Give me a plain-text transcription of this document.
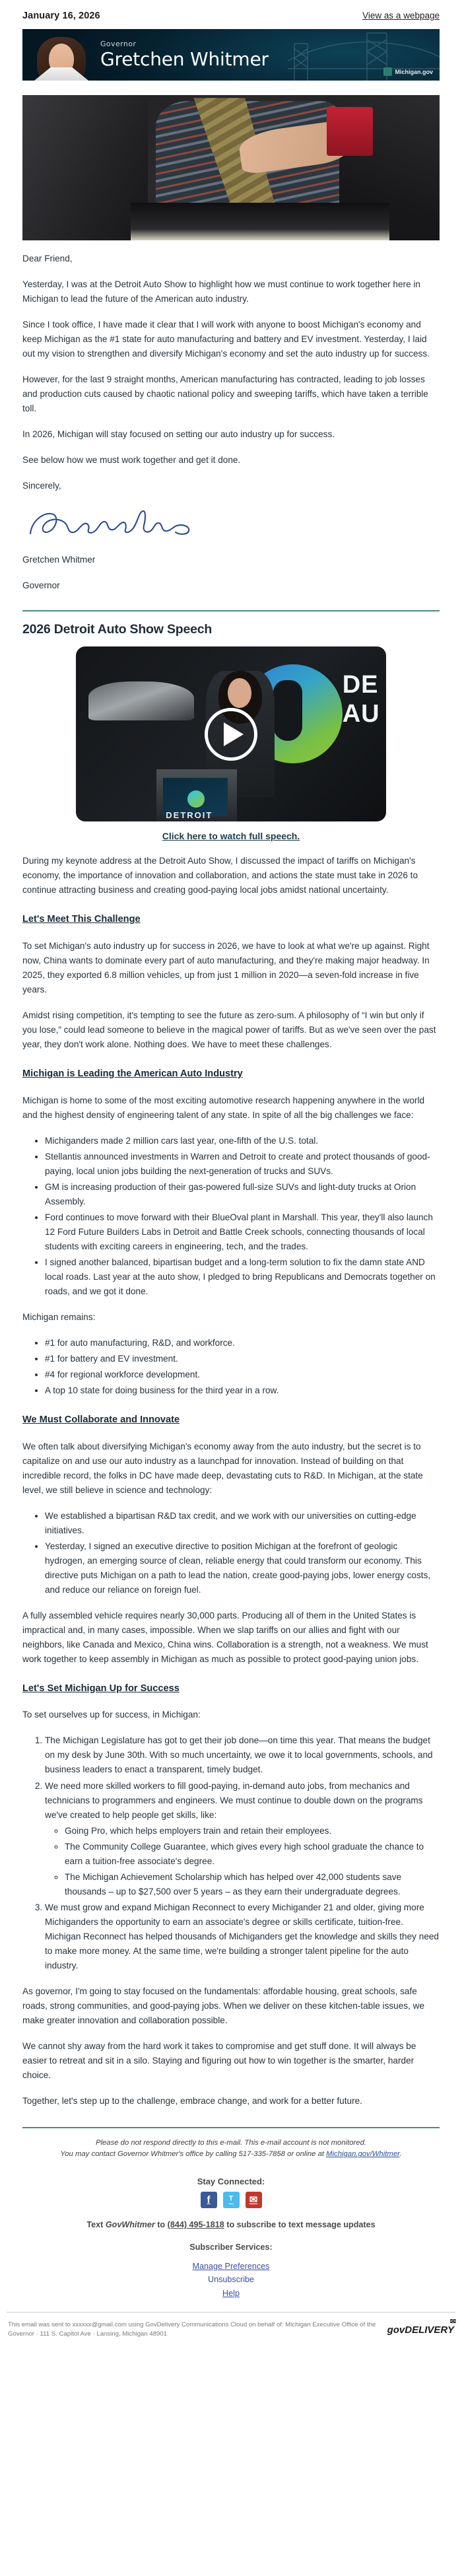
January 16, 2026	View as a webpage
Governor
Gretchen Whitmer
Michigan.gov

Dear Friend,

Yesterday, I was at the Detroit Auto Show to highlight how we must continue to work together here in Michigan to lead the future of the American auto industry.

Since I took office, I have made it clear that I will work with anyone to boost Michigan's economy and keep Michigan as the #1 state for auto manufacturing and battery and EV investment. Yesterday, I laid out my vision to strengthen and diversify Michigan's economy and set the auto industry up for success.

However, for the last 9 straight months, American manufacturing has contracted, leading to job losses and production cuts caused by chaotic national policy and sweeping tariffs, which have taken a terrible toll.

In 2026, Michigan will stay focused on setting our auto industry up for success.

See below how we must work together and get it done.

Sincerely,

Gretchen Whitmer

Governor

2026 Detroit Auto Show Speech
DE
AU
DETROIT
Click here to watch full speech.

During my keynote address at the Detroit Auto Show, I discussed the impact of tariffs on Michigan's economy, the importance of innovation and collaboration, and actions the state must take in 2026 to continue attracting business and creating good-paying local jobs amidst national uncertainty.

Let's Meet This Challenge

To set Michigan's auto industry up for success in 2026, we have to look at what we're up against. Right now, China wants to dominate every part of auto manufacturing, and they're making major headway. In 2025, they exported 6.8 million vehicles, up from just 1 million in 2020—a seven-fold increase in five years.

Amidst rising competition, it's tempting to see the future as zero-sum. A philosophy of “I win but only if you lose,” could lead someone to believe in the magical power of tariffs. But as we've seen over the past year, they don't work alone. Nothing does. We have to meet these challenges.

Michigan is Leading the American Auto Industry

Michigan is home to some of the most exciting automotive research happening anywhere in the world and the highest density of engineering talent of any state. In spite of all the big challenges we face:

• Michiganders made 2 million cars last year, one-fifth of the U.S. total.
• Stellantis announced investments in Warren and Detroit to create and protect thousands of good-paying, local union jobs building the next-generation of trucks and SUVs.
• GM is increasing production of their gas-powered full-size SUVs and light-duty trucks at Orion Assembly.
• Ford continues to move forward with their BlueOval plant in Marshall. This year, they'll also launch 12 Ford Future Builders Labs in Detroit and Battle Creek schools, connecting thousands of local students with exciting careers in engineering, tech, and the trades.
• I signed another balanced, bipartisan budget and a long-term solution to fix the damn state AND local roads. Last year at the auto show, I pledged to bring Republicans and Democrats together on roads, and we got it done.

Michigan remains:

• #1 for auto manufacturing, R&D, and workforce.
• #1 for battery and EV investment.
• #4 for regional workforce development.
• A top 10 state for doing business for the third year in a row.
We Must Collaborate and Innovate

We often talk about diversifying Michigan's economy away from the auto industry, but the secret is to capitalize on and use our auto industry as a launchpad for innovation. Instead of building on that incredible record, the folks in DC have made deep, devastating cuts to R&D. In Michigan, at the state level, we still believe in science and technology:

• We established a bipartisan R&D tax credit, and we work with our universities on cutting-edge initiatives.
• Yesterday, I signed an executive directive to position Michigan at the forefront of geologic hydrogen, an emerging source of clean, reliable energy that could transform our economy. This directive puts Michigan on a path to lead the nation, create good-paying jobs, lower energy costs, and reduce our reliance on foreign fuel.

A fully assembled vehicle requires nearly 30,000 parts. Producing all of them in the United States is impractical and, in many cases, impossible. When we slap tariffs on our allies and fight with our neighbors, like Canada and Mexico, China wins. Collaboration is a strength, not a weakness. We must work together to keep assembly in Michigan as much as possible to protect good-paying union jobs.

Let's Set Michigan Up for Success

To set ourselves up for success, in Michigan:

1. The Michigan Legislature has got to get their job done—on time this year. That means the budget on my desk by June 30th. With so much uncertainty, we owe it to local governments, schools, and business leaders to enact a transparent, timely budget.
2. We need more skilled workers to fill good-paying, in-demand auto jobs, from mechanics and technicians to programmers and engineers. We must continue to double down on the programs we've created to help people get skills, like:
◦ Going Pro, which helps employers train and retain their employees.
◦ The Community College Guarantee, which gives every high school graduate the chance to earn a tuition-free associate's degree.
◦ The Michigan Achievement Scholarship which has helped over 42,000 students save thousands – up to $27,500 over 5 years – as they earn their undergraduate degrees.
3. We must grow and expand Michigan Reconnect to every Michigander 21 and older, giving more Michiganders the opportunity to earn an associate's degree or skills certificate, tuition-free. Michigan Reconnect has helped thousands of Michiganders get the knowledge and skills they need to make more money. At the same time, we're building a stronger talent pipeline for the auto industry.

As governor, I'm going to stay focused on the fundamentals: affordable housing, great schools, safe roads, strong communities, and good-paying jobs. When we deliver on these kitchen-table issues, we make greater innovation and collaboration possible.

We cannot shy away from the hard work it takes to compromise and get stuff done. It will always be easier to retreat and sit in a silo. Staying and figuring out how to win together is the smarter, harder choice.

Together, let's step up to the challenge, embrace change, and work for a better future.

Please do not respond directly to this e-mail. This e-mail account is not monitored.
You may contact Governor Whitmer's office by calling 517-335-7858 or online at Michigan.gov/Whitmer.
Stay Connected:
f	ᵀ	✉
Text GovWhitmer to (844) 495-1818 to subscribe to text message updates
Subscriber Services:
Manage Preferences
Unsubscribe
Help
This email was sent to xxxxxx@gmail.com using GovDelivery Communications Cloud on behalf of: Michigan Executive Office of the Governor · 111 S. Capitol Ave · Lansing, Michigan 48901	govDELIVERY
✉
